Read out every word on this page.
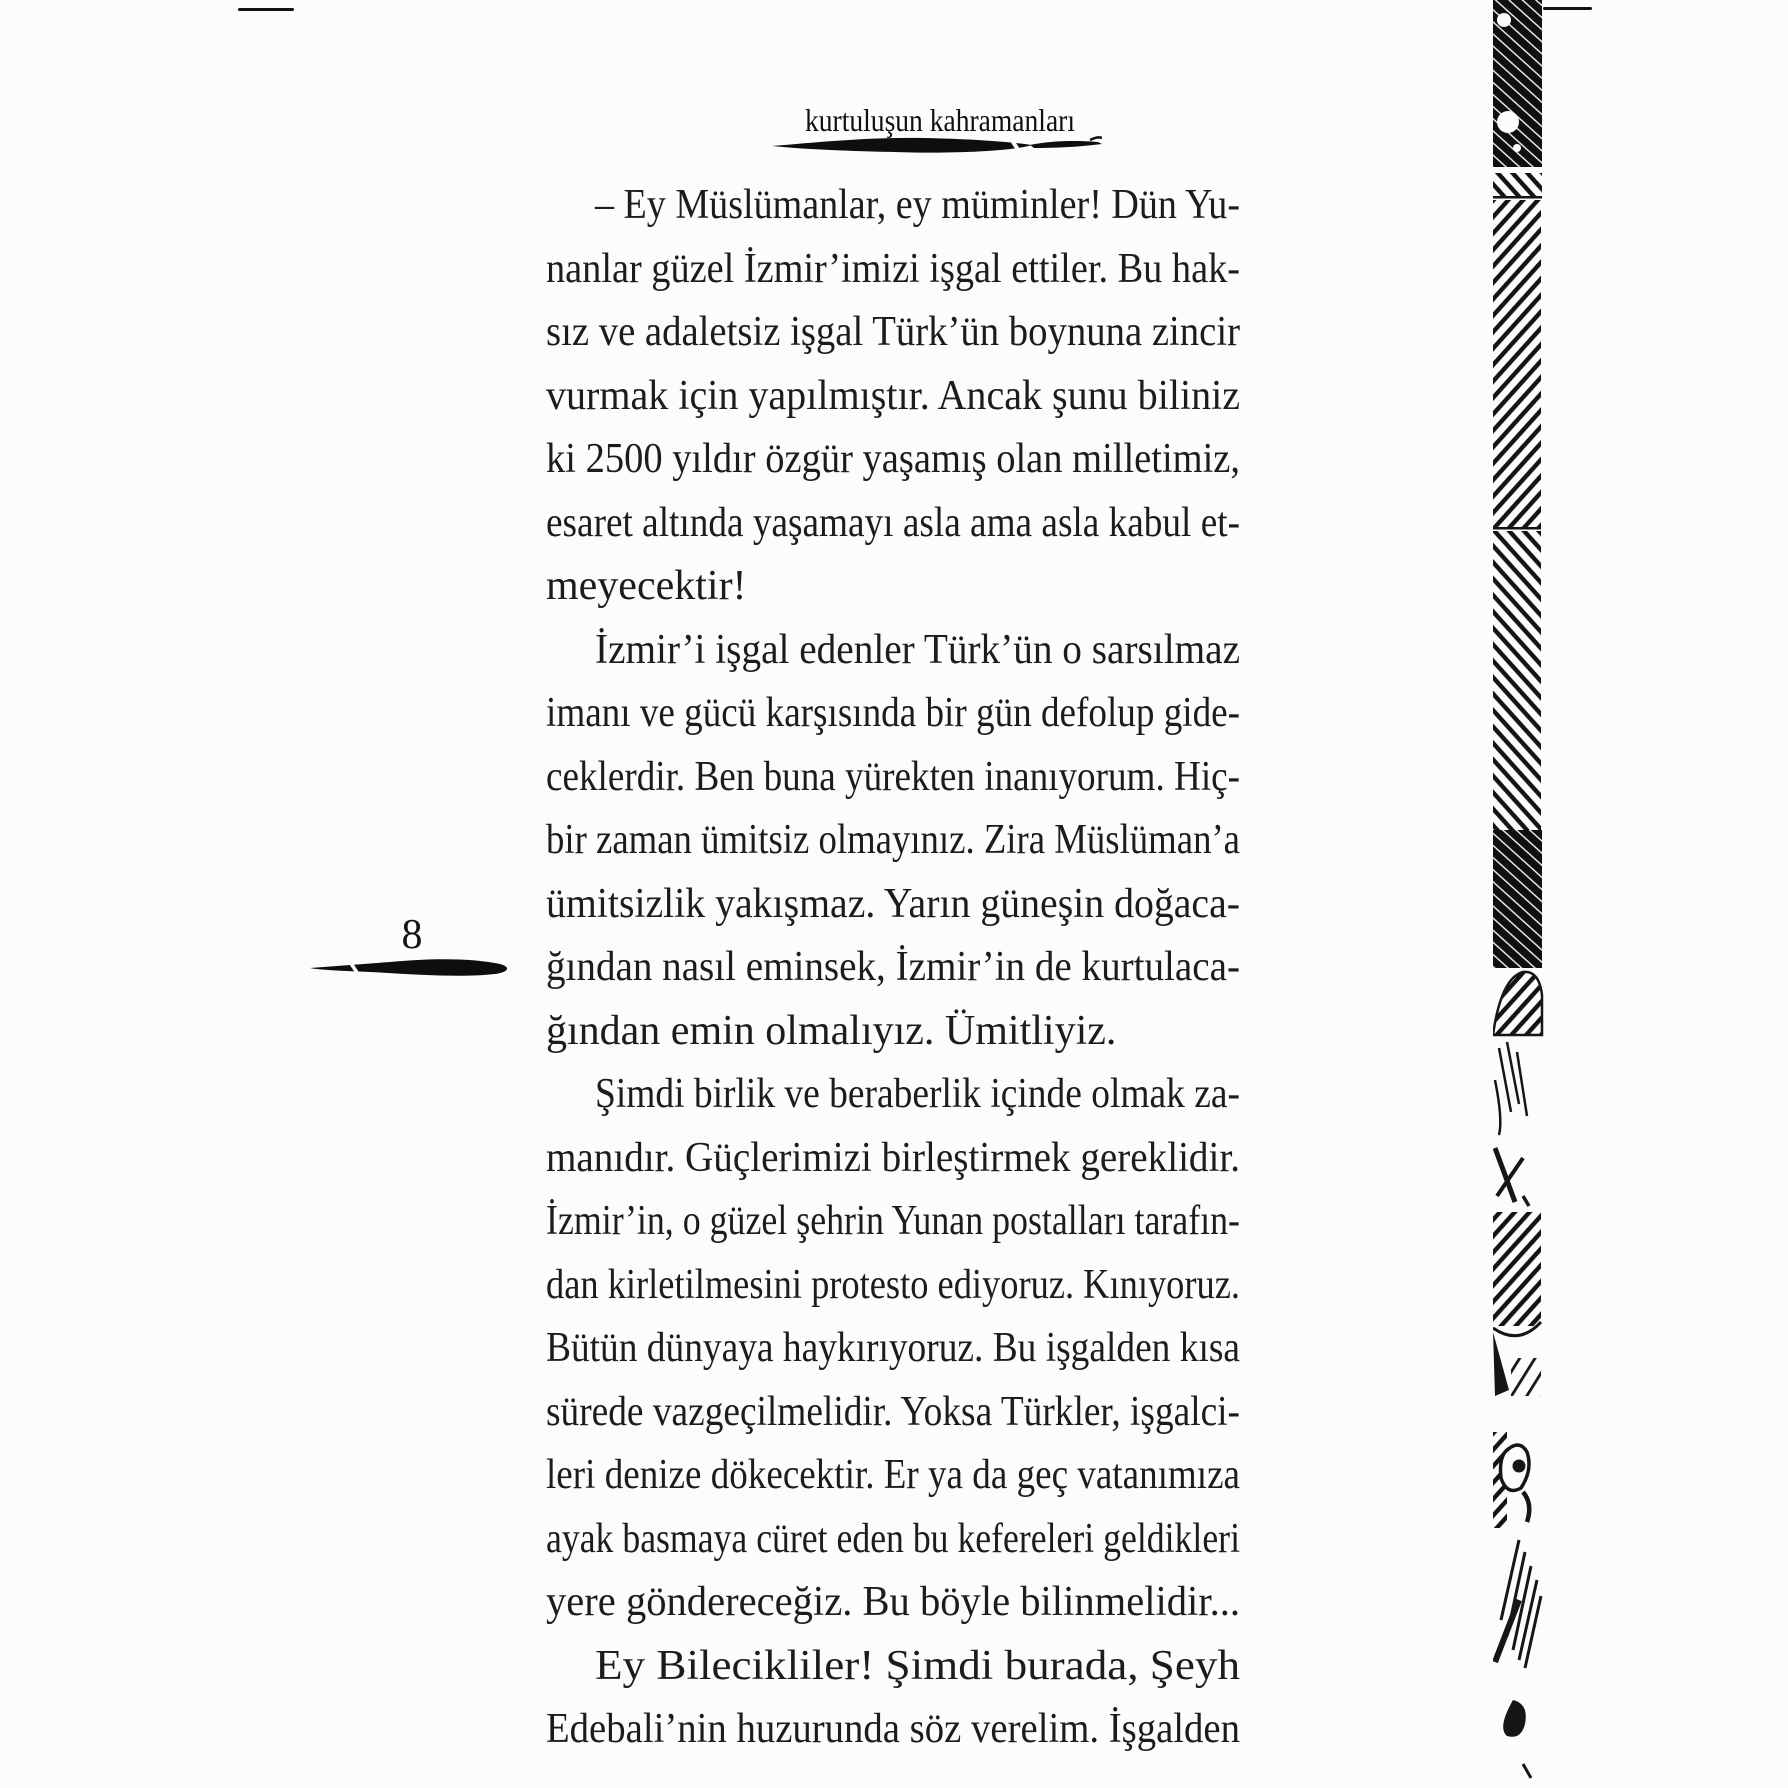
kurtuluşun kahramanları
8
– Ey Müslümanlar, ey müminler! Dün Yu-
nanlar güzel İzmir’imizi işgal ettiler. Bu hak-
sız ve adaletsiz işgal Türk’ün boynuna zincir
vurmak için yapılmıştır. Ancak şunu biliniz
ki 2500 yıldır özgür yaşamış olan milletimiz,
esaret altında yaşamayı asla ama asla kabul et-
meyecektir!
İzmir’i işgal edenler Türk’ün o sarsılmaz
imanı ve gücü karşısında bir gün defolup gide-
ceklerdir. Ben buna yürekten inanıyorum. Hiç-
bir zaman ümitsiz olmayınız. Zira Müslüman’a
ümitsizlik yakışmaz. Yarın güneşin doğaca-
ğından nasıl eminsek, İzmir’in de kurtulaca-
ğından emin olmalıyız. Ümitliyiz.
Şimdi birlik ve beraberlik içinde olmak za-
manıdır. Güçlerimizi birleştirmek gereklidir.
İzmir’in, o güzel şehrin Yunan postalları tarafın-
dan kirletilmesini protesto ediyoruz. Kınıyoruz.
Bütün dünyaya haykırıyoruz. Bu işgalden kısa
sürede vazgeçilmelidir. Yoksa Türkler, işgalci-
leri denize dökecektir. Er ya da geç vatanımıza
ayak basmaya cüret eden bu kefereleri geldikleri
yere göndereceğiz. Bu böyle bilinmelidir...
Ey Bilecikliler! Şimdi burada, Şeyh
Edebali’nin huzurunda söz verelim. İşgalden
